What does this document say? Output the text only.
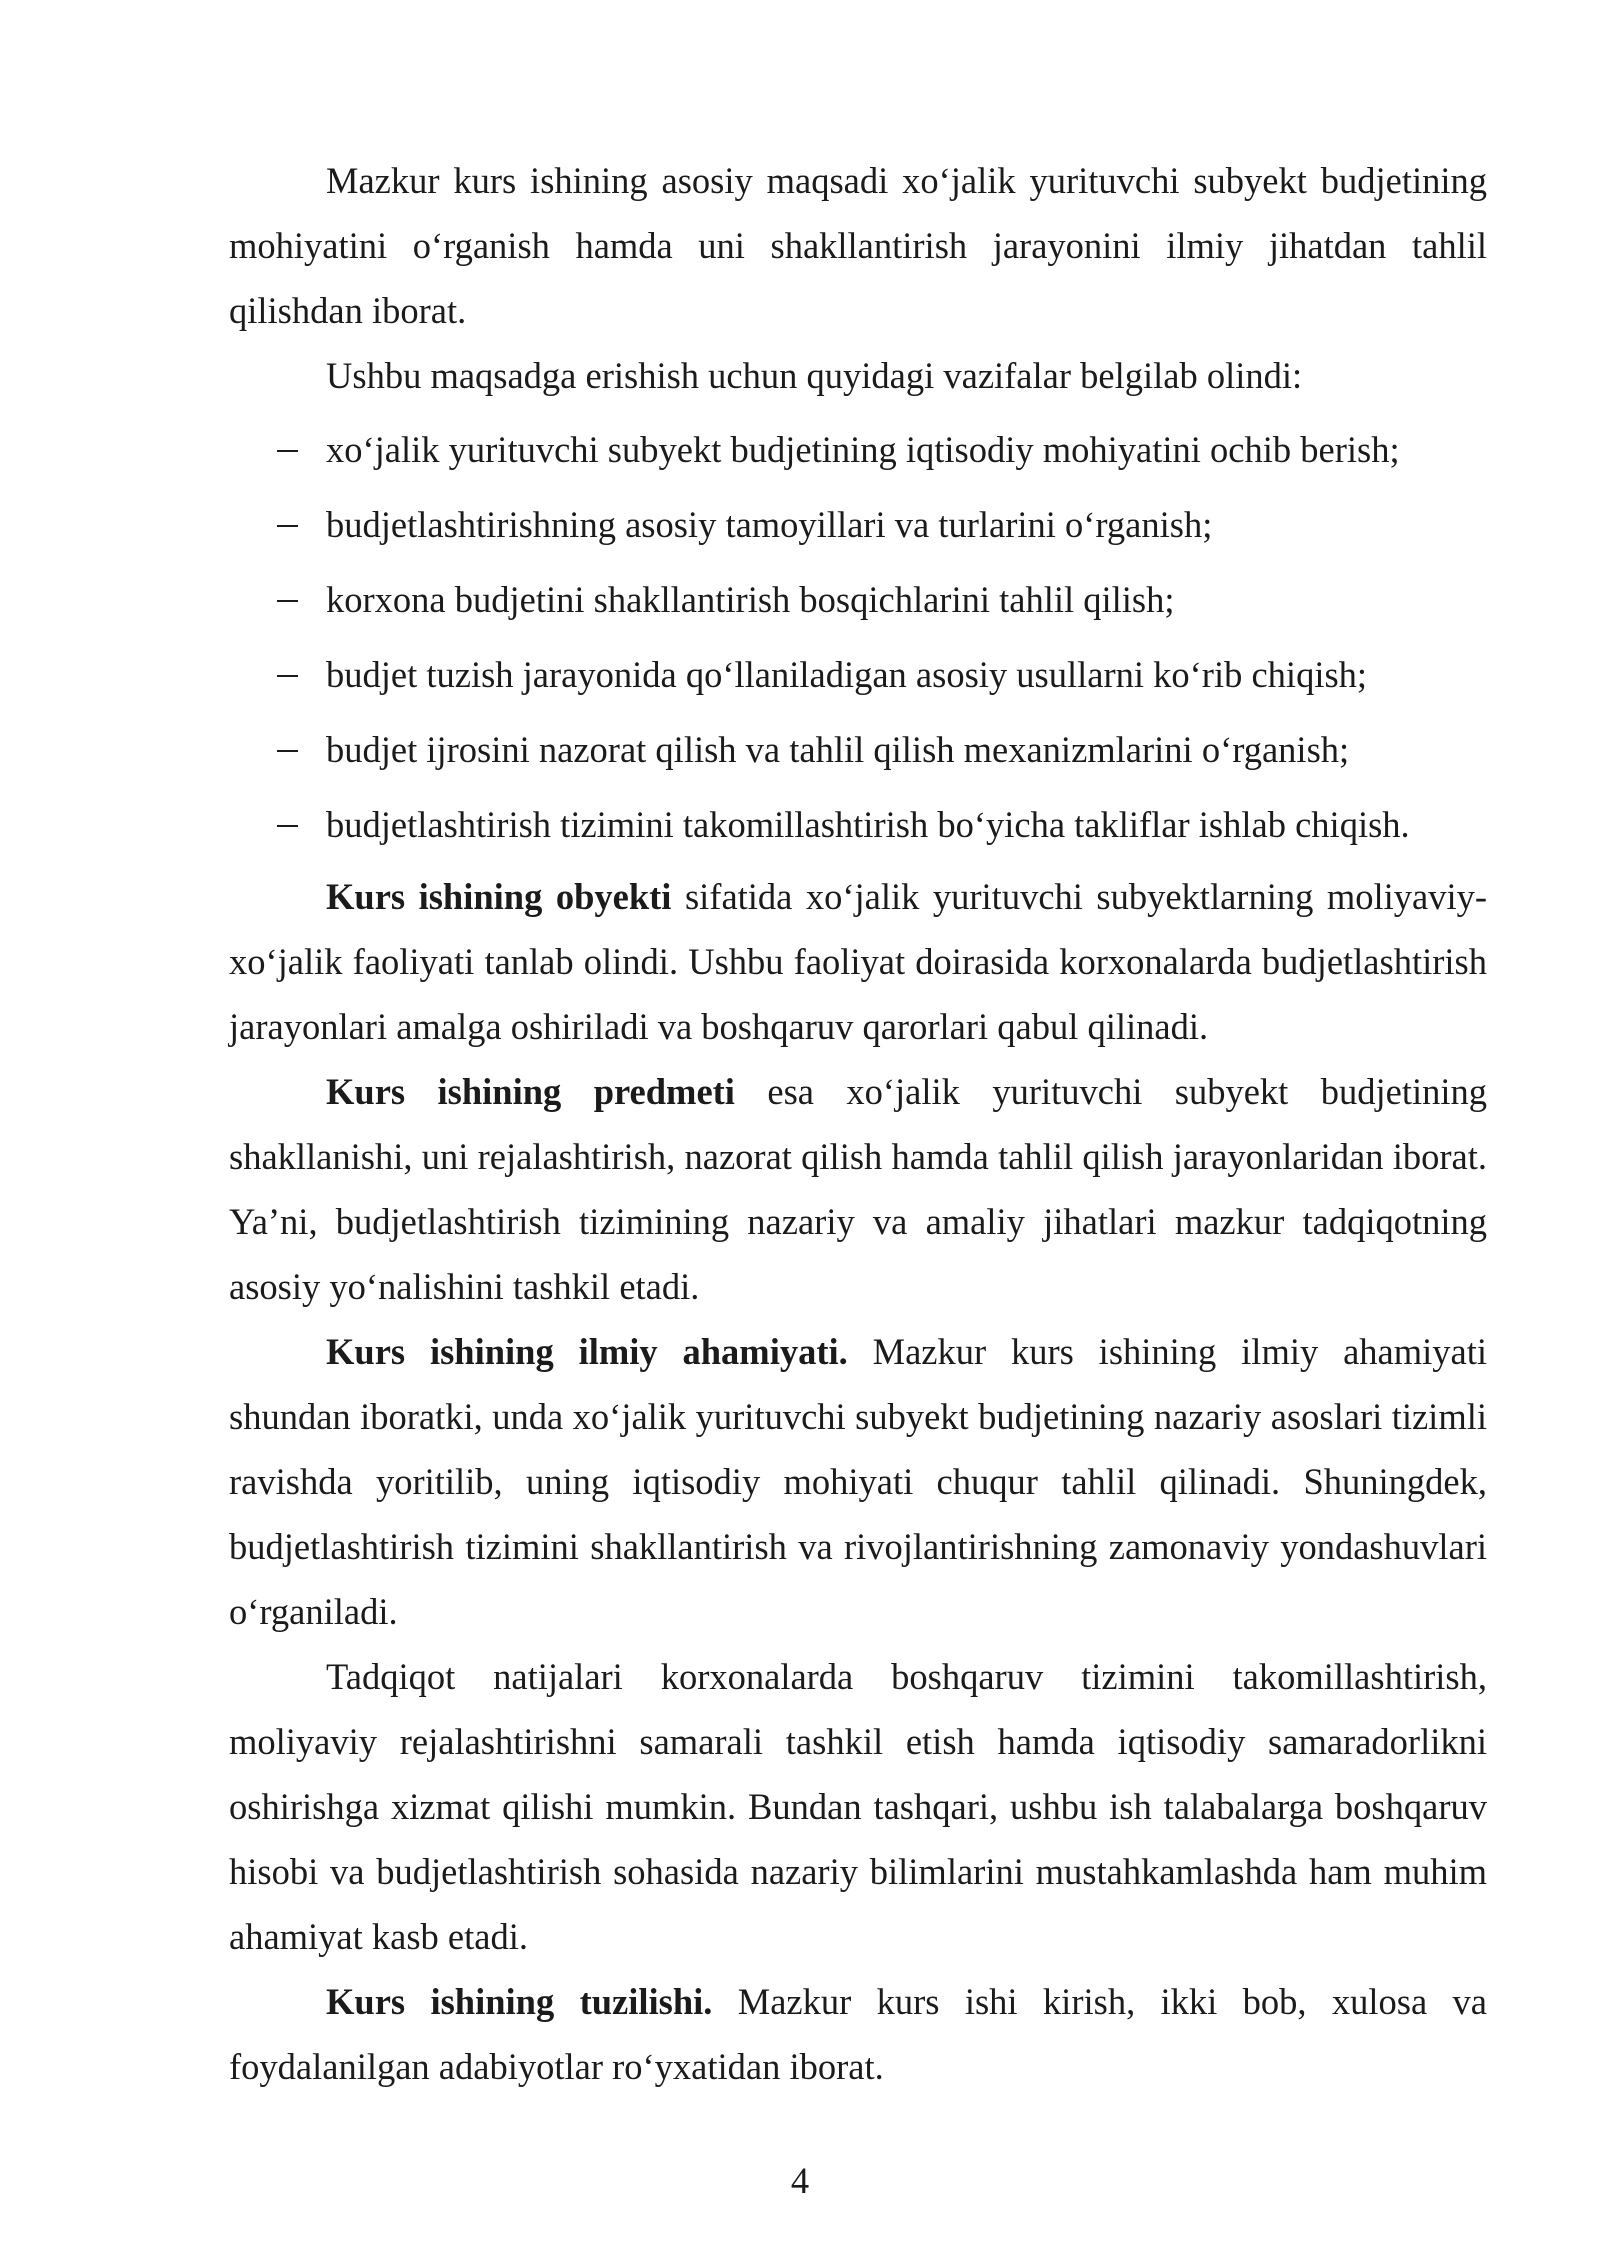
Mazkur kurs ishining asosiy maqsadi xo‘jalik yurituvchi subyekt budjetining mohiyatini o‘rganish hamda uni shakllantirish jarayonini ilmiy jihatdan tahlil qilishdan iborat.

Ushbu maqsadga erishish uchun quyidagi vazifalar belgilab olindi:

xo‘jalik yurituvchi subyekt budjetining iqtisodiy mohiyatini ochib berish;
budjetlashtirishning asosiy tamoyillari va turlarini o‘rganish;
korxona budjetini shakllantirish bosqichlarini tahlil qilish;
budjet tuzish jarayonida qo‘llaniladigan asosiy usullarni ko‘rib chiqish;
budjet ijrosini nazorat qilish va tahlil qilish mexanizmlarini o‘rganish;
budjetlashtirish tizimini takomillashtirish bo‘yicha takliflar ishlab chiqish.

Kurs ishining obyekti sifatida xo‘jalik yurituvchi subyektlarning moliyaviy-xo‘jalik faoliyati tanlab olindi. Ushbu faoliyat doirasida korxonalarda budjetlashtirish jarayonlari amalga oshiriladi va boshqaruv qarorlari qabul qilinadi.

Kurs ishining predmeti esa xo‘jalik yurituvchi subyekt budjetining shakllanishi, uni rejalashtirish, nazorat qilish hamda tahlil qilish jarayonlaridan iborat. Ya’ni, budjetlashtirish tizimining nazariy va amaliy jihatlari mazkur tadqiqotning asosiy yo‘nalishini tashkil etadi.

Kurs ishining ilmiy ahamiyati. Mazkur kurs ishining ilmiy ahamiyati shundan iboratki, unda xo‘jalik yurituvchi subyekt budjetining nazariy asoslari tizimli ravishda yoritilib, uning iqtisodiy mohiyati chuqur tahlil qilinadi. Shuningdek, budjetlashtirish tizimini shakllantirish va rivojlantirishning zamonaviy yondashuvlari o‘rganiladi.

Tadqiqot natijalari korxonalarda boshqaruv tizimini takomillashtirish, moliyaviy rejalashtirishni samarali tashkil etish hamda iqtisodiy samaradorlikni oshirishga xizmat qilishi mumkin. Bundan tashqari, ushbu ish talabalarga boshqaruv hisobi va budjetlashtirish sohasida nazariy bilimlarini mustahkamlashda ham muhim ahamiyat kasb etadi.

Kurs ishining tuzilishi. Mazkur kurs ishi kirish, ikki bob, xulosa va foydalanilgan adabiyotlar ro‘yxatidan iborat.

4
